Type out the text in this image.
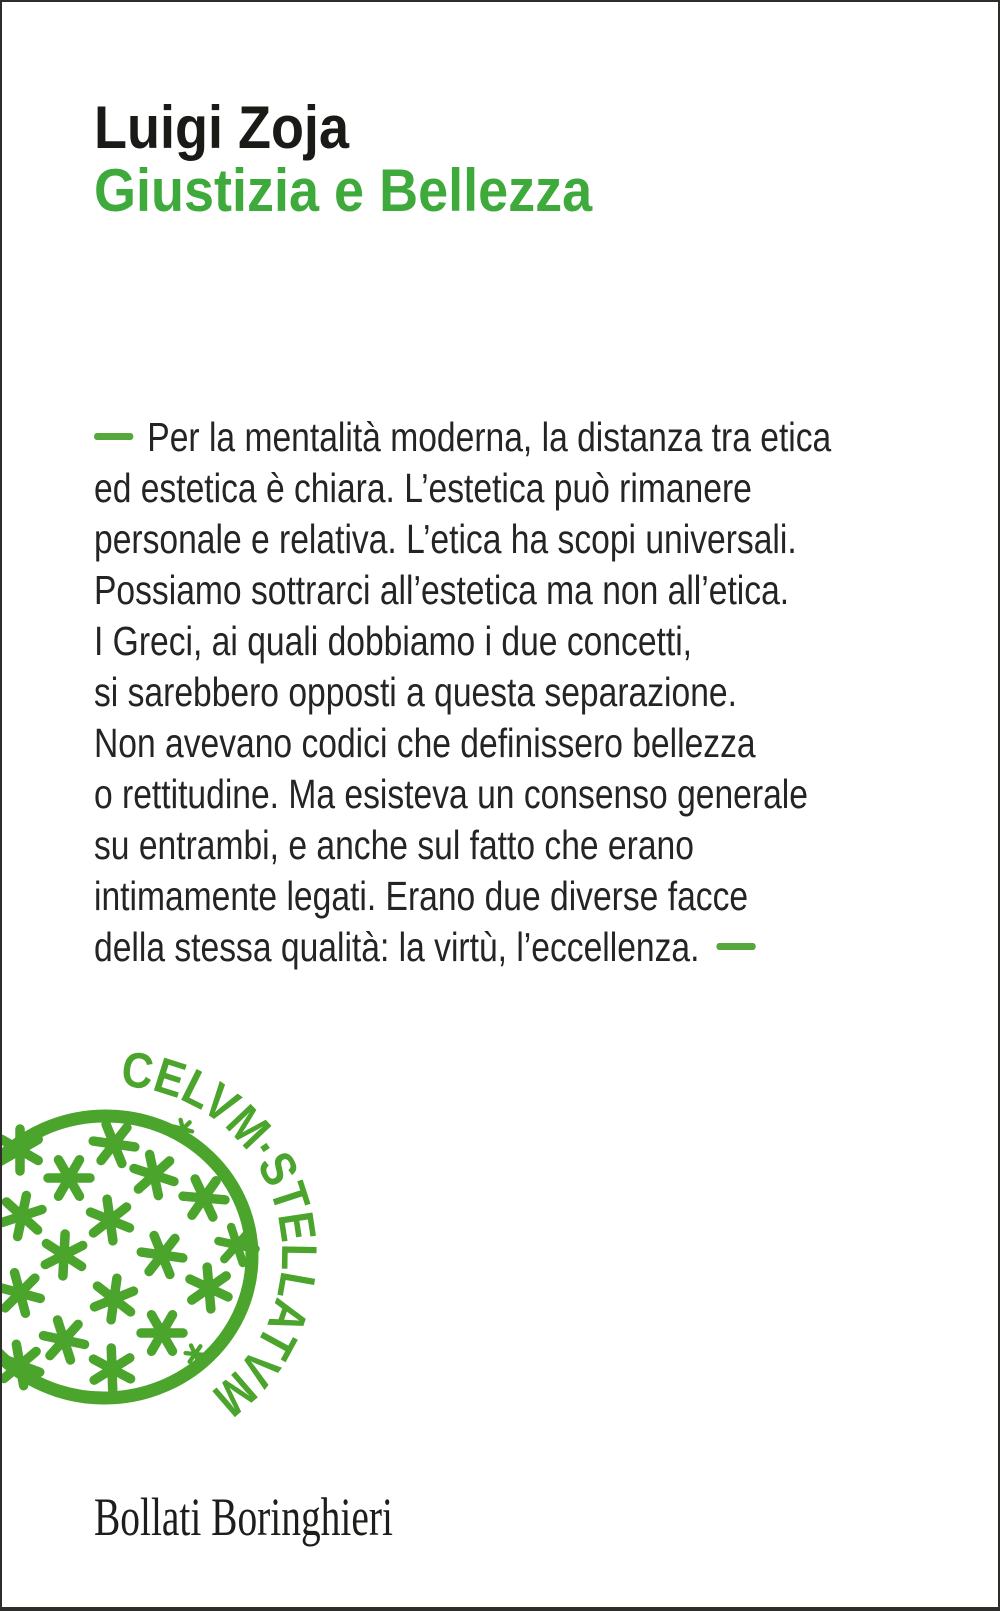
Luigi Zoja
Giustizia e Bellezza
Per la mentalità moderna, la distanza tra etica
ed estetica è chiara. L’estetica può rimanere
personale e relativa. L’etica ha scopi universali.
Possiamo sottrarci all’estetica ma non all’etica.
I Greci, ai quali dobbiamo i due concetti,
si sarebbero opposti a questa separazione.
Non avevano codici che definissero bellezza
o rettitudine. Ma esisteva un consenso generale
su entrambi, e anche sul fatto che erano
intimamente legati. Erano due diverse facce
della stessa qualità: la virtù, l’eccellenza.
CELVM·STELLATVM
Bollati Boringhieri
